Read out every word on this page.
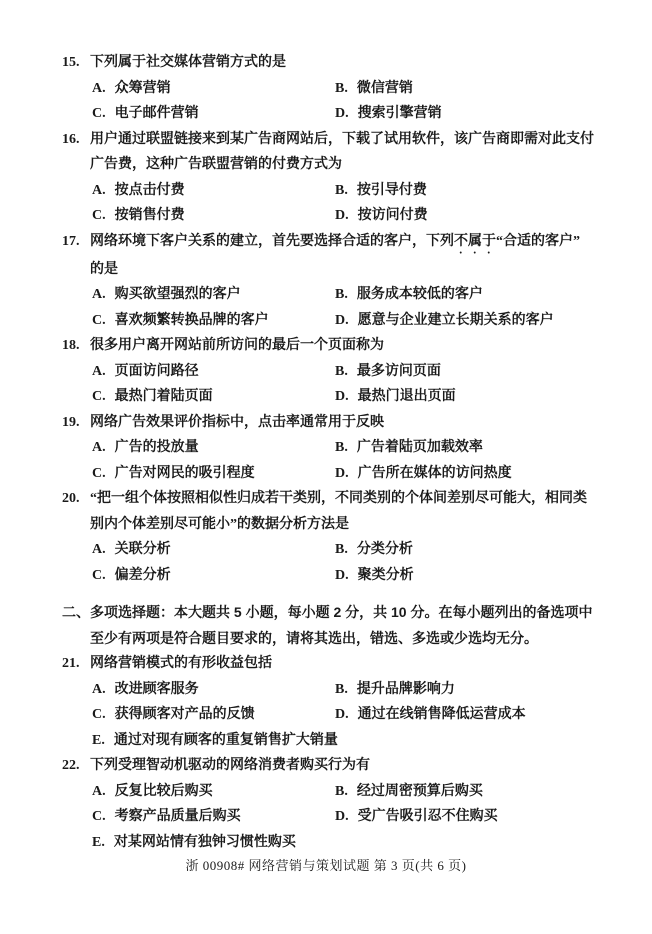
15. 下列属于社交媒体营销方式的是
A. 众筹营销	B. 微信营销
C. 电子邮件营销	D. 搜索引擎营销
16. 用户通过联盟链接来到某广告商网站后，下载了试用软件，该广告商即需对此支付
广告费，这种广告联盟营销的付费方式为
A. 按点击付费	B. 按引导付费
C. 按销售付费	D. 按访问付费
17. 网络环境下客户关系的建立，首先要选择合适的客户，下列不属于“合适的客户”
的是
A. 购买欲望强烈的客户	B. 服务成本较低的客户
C. 喜欢频繁转换品牌的客户	D. 愿意与企业建立长期关系的客户
18. 很多用户离开网站前所访问的最后一个页面称为
A. 页面访问路径	B. 最多访问页面
C. 最热门着陆页面	D. 最热门退出页面
19. 网络广告效果评价指标中，点击率通常用于反映
A. 广告的投放量	B. 广告着陆页加载效率
C. 广告对网民的吸引程度	D. 广告所在媒体的访问热度
20. “把一组个体按照相似性归成若干类别，不同类别的个体间差别尽可能大，相同类
别内个体差别尽可能小”的数据分析方法是
A. 关联分析	B. 分类分析
C. 偏差分析	D. 聚类分析
二、 多项选择题：本大题共 5 小题，每小题 2 分，共 10 分。在每小题列出的备选项中
至少有两项是符合题目要求的，请将其选出，错选、多选或少选均无分。
21. 网络营销模式的有形收益包括
A. 改进顾客服务	B. 提升品牌影响力
C. 获得顾客对产品的反馈	D. 通过在线销售降低运营成本
E. 通过对现有顾客的重复销售扩大销量
22. 下列受理智动机驱动的网络消费者购买行为有
A. 反复比较后购买	B. 经过周密预算后购买
C. 考察产品质量后购买	D. 受广告吸引忍不住购买
E. 对某网站情有独钟习惯性购买
浙 00908# 网络营销与策划试题 第 3 页(共 6 页)
